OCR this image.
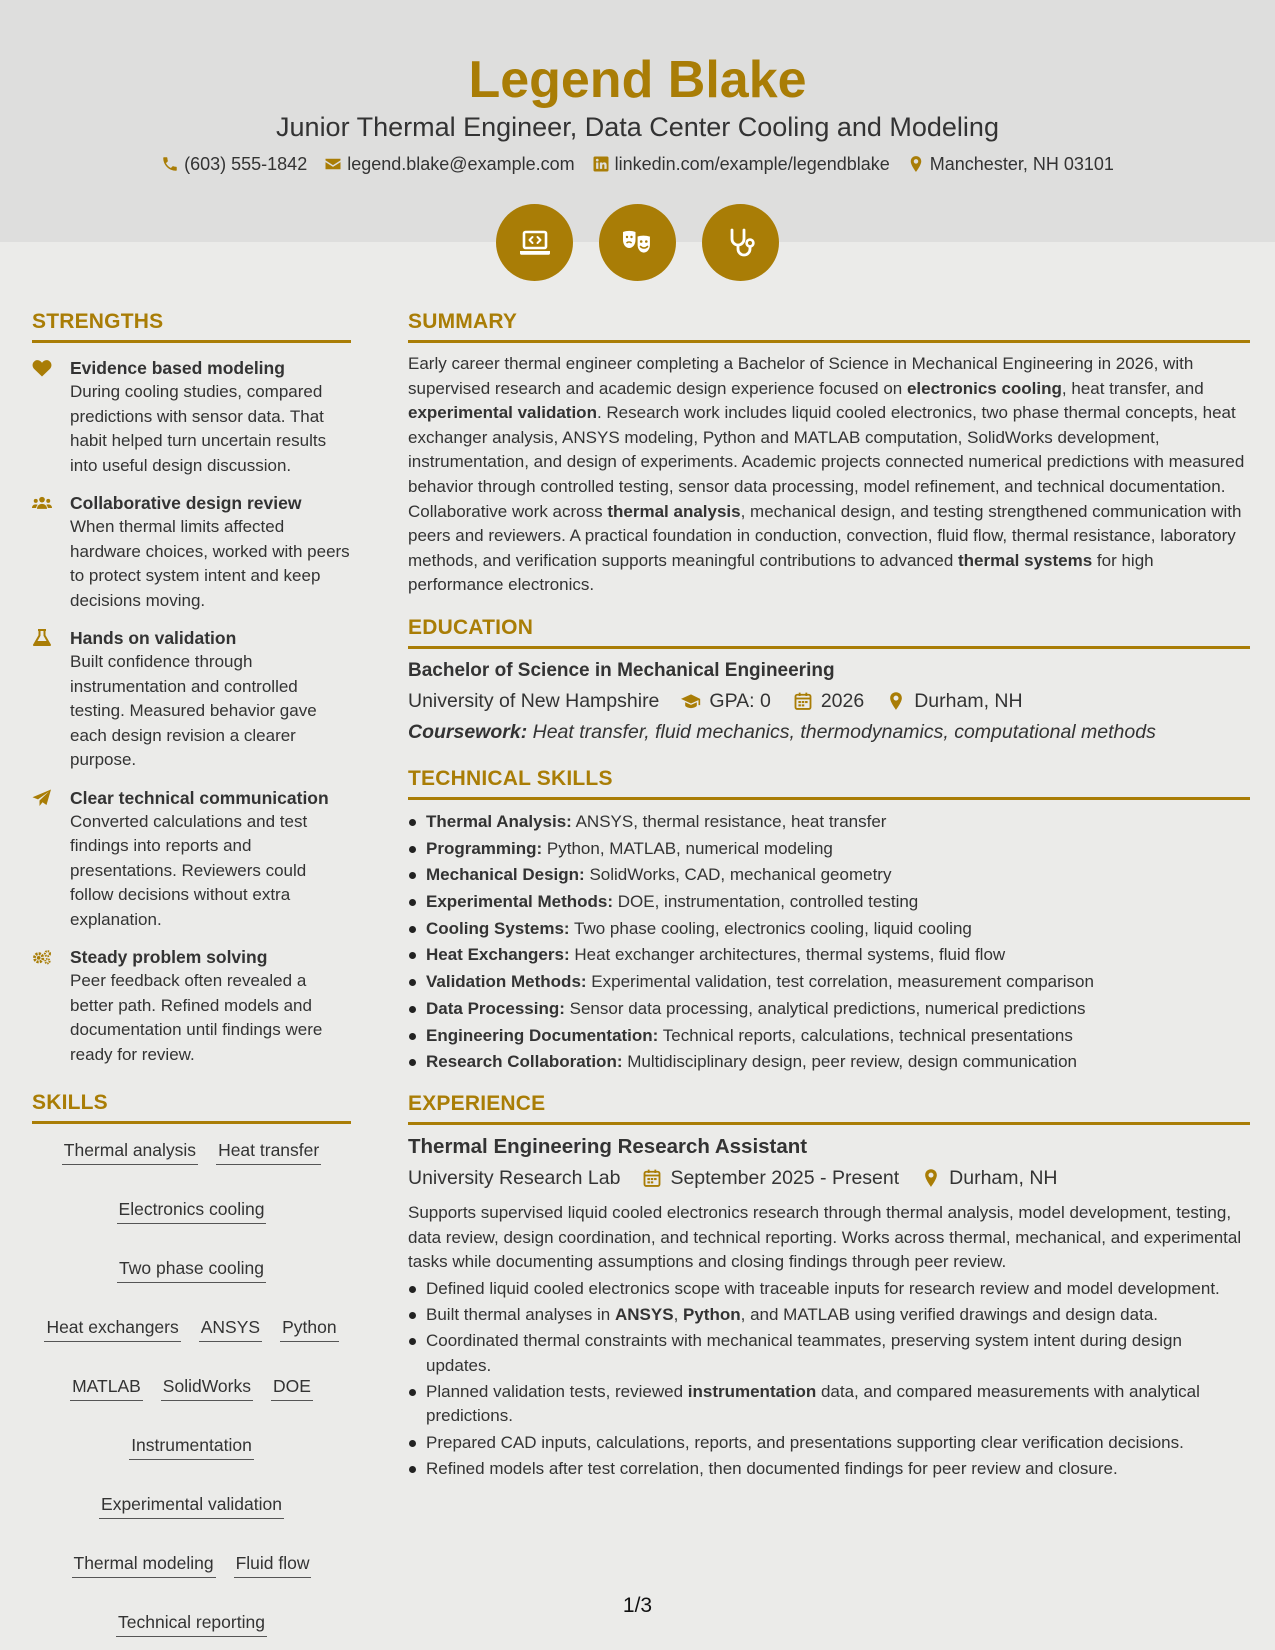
Legend Blake
Junior Thermal Engineer, Data Center Cooling and Modeling
(603) 555-1842 legend.blake@example.com linkedin.com/example/legendblake Manchester, NH 03101
STRENGTHS
Evidence based modeling
During cooling studies, compared predictions with sensor data. That habit helped turn uncertain results into useful design discussion.
Collaborative design review
When thermal limits affected hardware choices, worked with peers to protect system intent and keep decisions moving.
Hands on validation
Built confidence through instrumentation and controlled testing. Measured behavior gave each design revision a clearer purpose.
Clear technical communication
Converted calculations and test findings into reports and presentations. Reviewers could follow decisions without extra explanation.
Steady problem solving
Peer feedback often revealed a better path. Refined models and documentation until findings were ready for review.
SKILLS
Thermal analysis Heat transfer
Electronics cooling
Two phase cooling
Heat exchangers ANSYS Python
MATLAB SolidWorks DOE
Instrumentation
Experimental validation
Thermal modeling Fluid flow
Technical reporting
SUMMARY
Early career thermal engineer completing a Bachelor of Science in Mechanical Engineering in 2026, with supervised research and academic design experience focused on electronics cooling, heat transfer, and experimental validation. Research work includes liquid cooled electronics, two phase thermal concepts, heat exchanger analysis, ANSYS modeling, Python and MATLAB computation, SolidWorks development, instrumentation, and design of experiments. Academic projects connected numerical predictions with measured behavior through controlled testing, sensor data processing, model refinement, and technical documentation. Collaborative work across thermal analysis, mechanical design, and testing strengthened communication with peers and reviewers. A practical foundation in conduction, convection, fluid flow, thermal resistance, laboratory methods, and verification supports meaningful contributions to advanced thermal systems for high performance electronics.
EDUCATION
Bachelor of Science in Mechanical Engineering
University of New Hampshire	GPA: 0	2026	Durham, NH
Coursework: Heat transfer, fluid mechanics, thermodynamics, computational methods
TECHNICAL SKILLS
Thermal Analysis: ANSYS, thermal resistance, heat transfer
Programming: Python, MATLAB, numerical modeling
Mechanical Design: SolidWorks, CAD, mechanical geometry
Experimental Methods: DOE, instrumentation, controlled testing
Cooling Systems: Two phase cooling, electronics cooling, liquid cooling
Heat Exchangers: Heat exchanger architectures, thermal systems, fluid flow
Validation Methods: Experimental validation, test correlation, measurement comparison
Data Processing: Sensor data processing, analytical predictions, numerical predictions
Engineering Documentation: Technical reports, calculations, technical presentations
Research Collaboration: Multidisciplinary design, peer review, design communication
EXPERIENCE
Thermal Engineering Research Assistant
University Research Lab	September 2025 - Present	Durham, NH
Supports supervised liquid cooled electronics research through thermal analysis, model development, testing, data review, design coordination, and technical reporting. Works across thermal, mechanical, and experimental tasks while documenting assumptions and closing findings through peer review.
Defined liquid cooled electronics scope with traceable inputs for research review and model development.
Built thermal analyses in ANSYS, Python, and MATLAB using verified drawings and design data.
Coordinated thermal constraints with mechanical teammates, preserving system intent during design updates.
Planned validation tests, reviewed instrumentation data, and compared measurements with analytical predictions.
Prepared CAD inputs, calculations, reports, and presentations supporting clear verification decisions.
Refined models after test correlation, then documented findings for peer review and closure.
1/3
